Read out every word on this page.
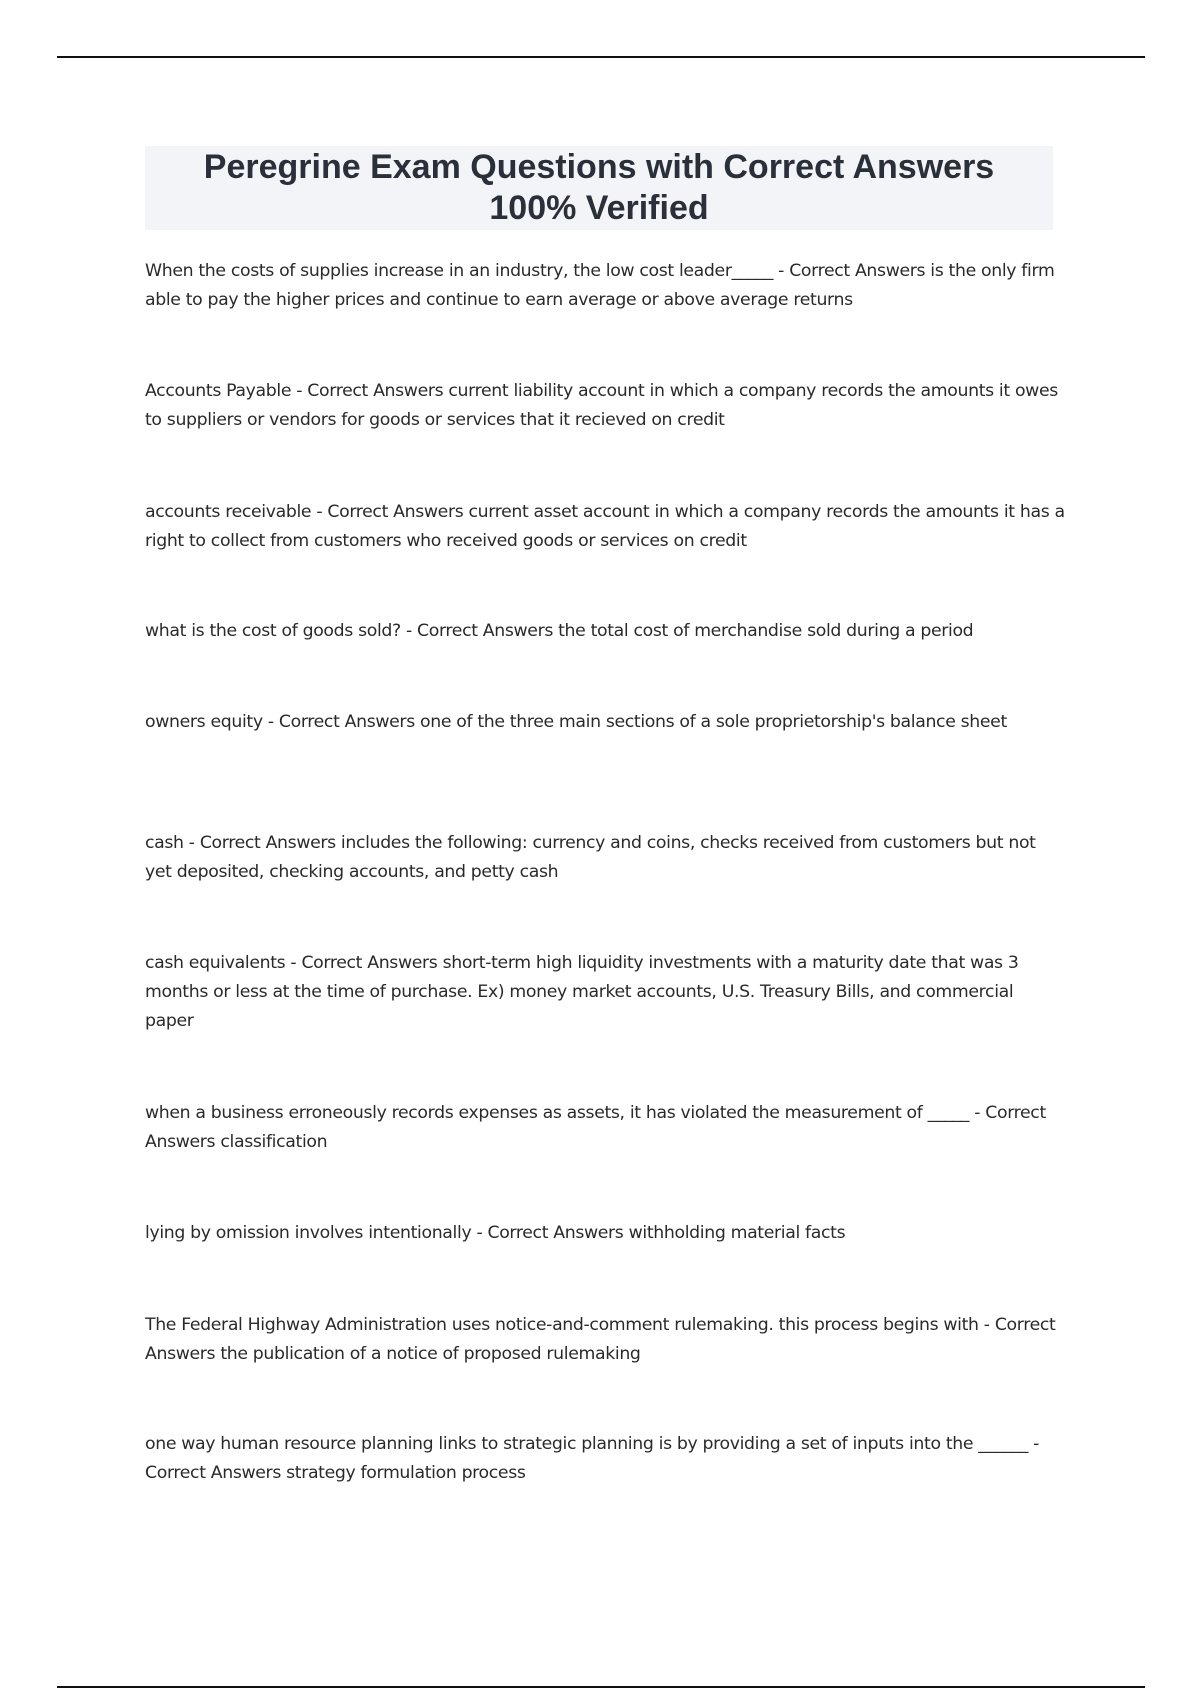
Peregrine Exam Questions with Correct Answers
100% Verified

When the costs of supplies increase in an industry, the low cost leader_____ - Correct Answers is the only firm able to pay the higher prices and continue to earn average or above average returns

Accounts Payable - Correct Answers current liability account in which a company records the amounts it owes to suppliers or vendors for goods or services that it recieved on credit

accounts receivable - Correct Answers current asset account in which a company records the amounts it has a right to collect from customers who received goods or services on credit

what is the cost of goods sold? - Correct Answers the total cost of merchandise sold during a period

owners equity - Correct Answers one of the three main sections of a sole proprietorship's balance sheet

cash - Correct Answers includes the following: currency and coins, checks received from customers but not yet deposited, checking accounts, and petty cash

cash equivalents - Correct Answers short-term high liquidity investments with a maturity date that was 3 months or less at the time of purchase. Ex) money market accounts, U.S. Treasury Bills, and commercial paper

when a business erroneously records expenses as assets, it has violated the measurement of _____ - Correct Answers classification

lying by omission involves intentionally - Correct Answers withholding material facts

The Federal Highway Administration uses notice-and-comment rulemaking. this process begins with - Correct Answers the publication of a notice of proposed rulemaking

one way human resource planning links to strategic planning is by providing a set of inputs into the ______ - Correct Answers strategy formulation process
